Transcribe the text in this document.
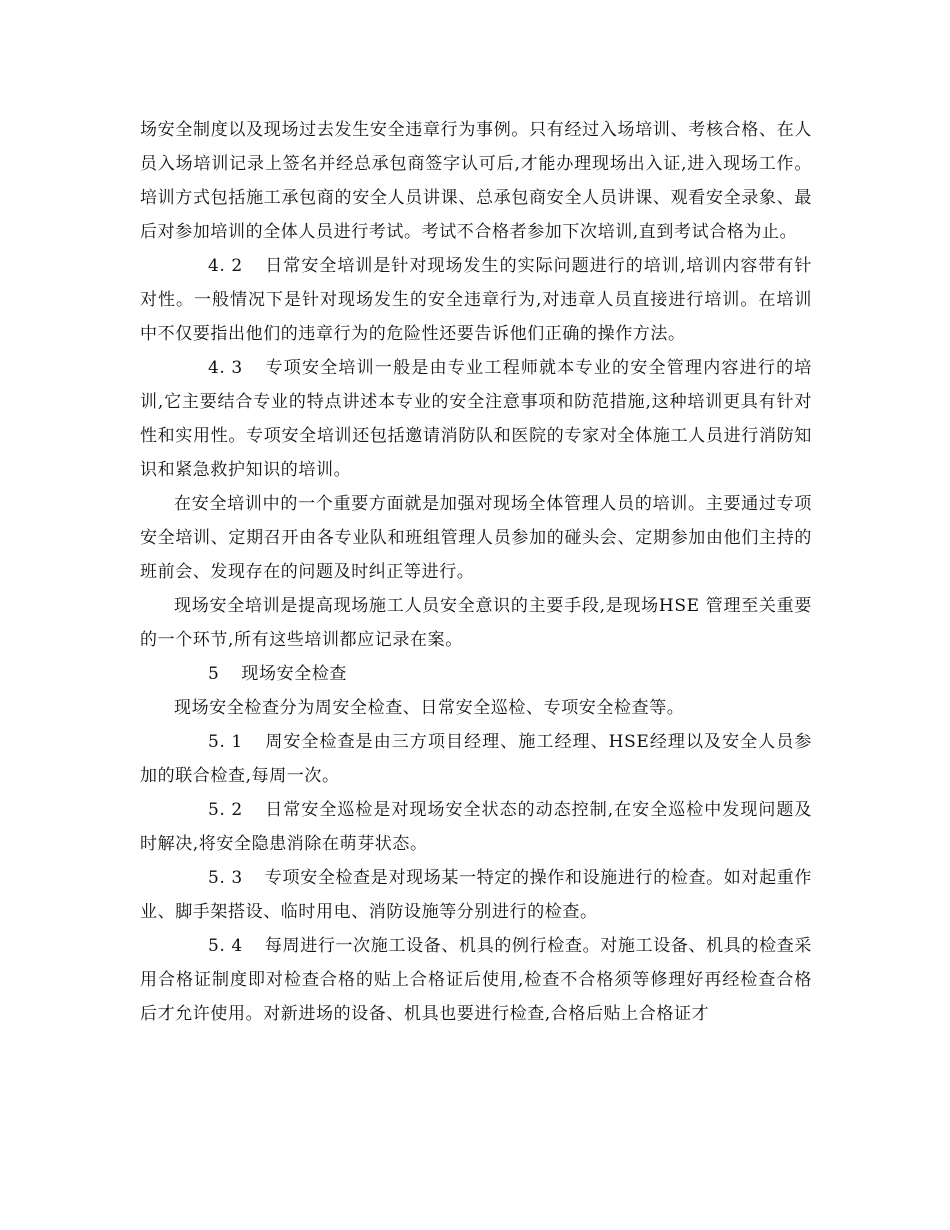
场安全制度以及现场过去发生安全违章行为事例。只有经过入场培训、考核合格、在人员入场培训记录上签名并经总承包商签字认可后,才能办理现场出入证,进入现场工作。培训方式包括施工承包商的安全人员讲课、总承包商安全人员讲课、观看安全录象、最后对参加培训的全体人员进行考试。考试不合格者参加下次培训,直到考试合格为止。

4. 2 日常安全培训是针对现场发生的实际问题进行的培训,培训内容带有针对性。一般情况下是针对现场发生的安全违章行为,对违章人员直接进行培训。在培训中不仅要指出他们的违章行为的危险性还要告诉他们正确的操作方法。

4. 3 专项安全培训一般是由专业工程师就本专业的安全管理内容进行的培训,它主要结合专业的特点讲述本专业的安全注意事项和防范措施,这种培训更具有针对性和实用性。专项安全培训还包括邀请消防队和医院的专家对全体施工人员进行消防知识和紧急救护知识的培训。

在安全培训中的一个重要方面就是加强对现场全体管理人员的培训。主要通过专项安全培训、定期召开由各专业队和班组管理人员参加的碰头会、定期参加由他们主持的班前会、发现存在的问题及时纠正等进行。

现场安全培训是提高现场施工人员安全意识的主要手段,是现场HSE 管理至关重要的一个环节,所有这些培训都应记录在案。

5 现场安全检查

现场安全检查分为周安全检查、日常安全巡检、专项安全检查等。

5. 1 周安全检查是由三方项目经理、施工经理、HSE经理以及安全人员参加的联合检查,每周一次。

5. 2 日常安全巡检是对现场安全状态的动态控制,在安全巡检中发现问题及时解决,将安全隐患消除在萌芽状态。

5. 3 专项安全检查是对现场某一特定的操作和设施进行的检查。如对起重作业、脚手架搭设、临时用电、消防设施等分别进行的检查。

5. 4 每周进行一次施工设备、机具的例行检查。对施工设备、机具的检查采用合格证制度即对检查合格的贴上合格证后使用,检查不合格须等修理好再经检查合格后才允许使用。对新进场的设备、机具也要进行检查,合格后贴上合格证才
